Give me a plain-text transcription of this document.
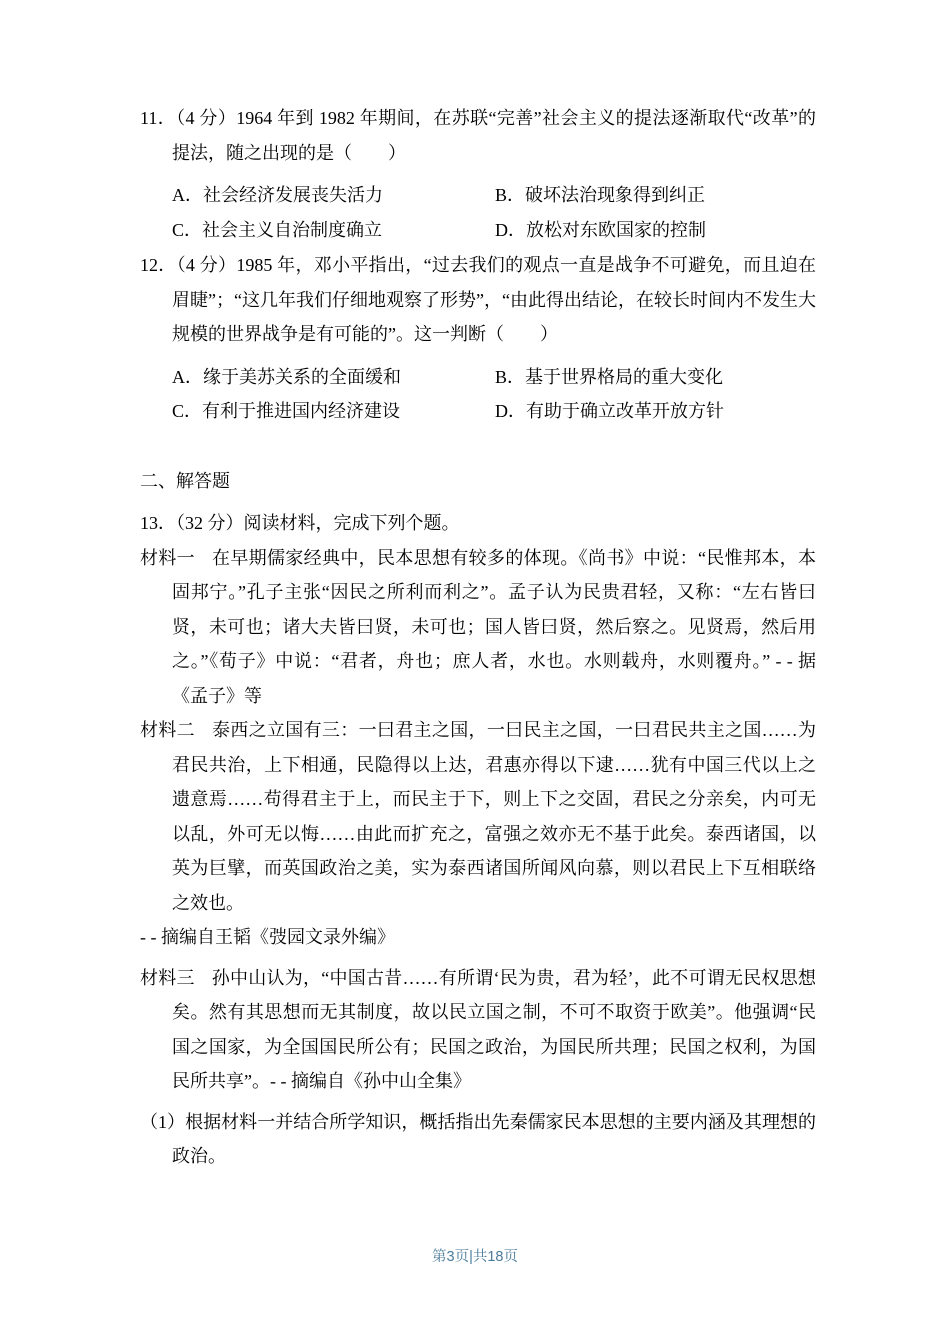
11．（4 分）1964 年到 1982 年期间，在苏联“完善”社会主义的提法逐渐取代“改革”的提法，随之出现的是（　　）

A．社会经济发展丧失活力	B．破坏法治现象得到纠正
C．社会主义自治制度确立	D．放松对东欧国家的控制

12．（4 分）1985 年，邓小平指出，“过去我们的观点一直是战争不可避免，而且迫在眉睫”；“这几年我们仔细地观察了形势”，“由此得出结论，在较长时间内不发生大规模的世界战争是有可能的”。这一判断（　　）

A．缘于美苏关系的全面缓和	B．基于世界格局的重大变化
C．有利于推进国内经济建设	D．有助于确立改革开放方针

二、解答题

13．（32 分）阅读材料，完成下列个题。

材料一 在早期儒家经典中，民本思想有较多的体现。《尚书》中说：“民惟邦本，本固邦宁。”孔子主张“因民之所利而利之”。孟子认为民贵君轻，又称：“左右皆曰贤，未可也；诸大夫皆曰贤，未可也；国人皆曰贤，然后察之。见贤焉，然后用之。”《荀子》中说：“君者，舟也；庶人者，水也。水则载舟，水则覆舟。” - - 据《孟子》等

材料二 泰西之立国有三：一曰君主之国，一曰民主之国，一曰君民共主之国……为君民共治，上下相通，民隐得以上达，君惠亦得以下逮……犹有中国三代以上之遗意焉……苟得君主于上，而民主于下，则上下之交固，君民之分亲矣，内可无以乱，外可无以悔……由此而扩充之，富强之效亦无不基于此矣。泰西诸国，以英为巨擘，而英国政治之美，实为泰西诸国所闻风向慕，则以君民上下互相联络之效也。

- - 摘编自王韬《弢园文录外编》

材料三 孙中山认为，“中国古昔……有所谓‘民为贵，君为轻’，此不可谓无民权思想矣。然有其思想而无其制度，故以民立国之制，不可不取资于欧美”。他强调“民国之国家，为全国国民所公有；民国之政治，为国民所共理；民国之权利，为国民所共享”。- - 摘编自《孙中山全集》

（1）根据材料一并结合所学知识，概括指出先秦儒家民本思想的主要内涵及其理想的政治。

第3页|共18页
